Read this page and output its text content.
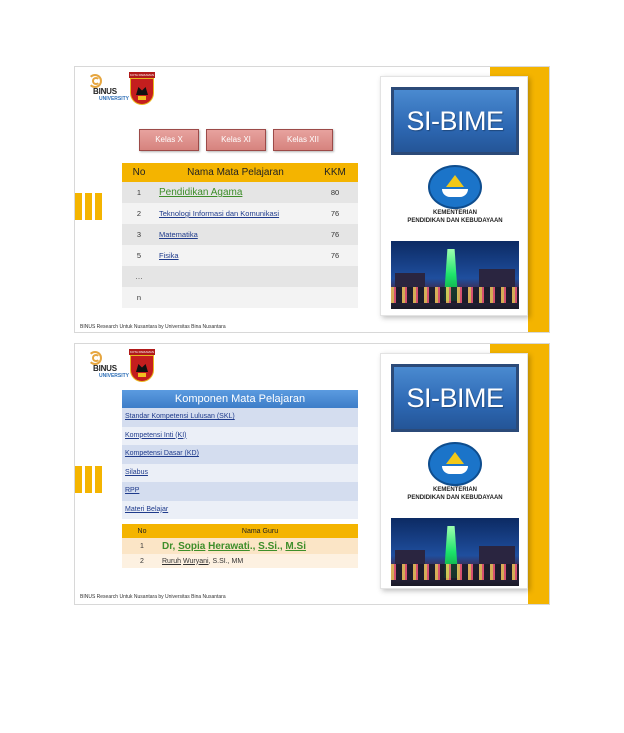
BINUS
UNIVERSITY
KOTA PARIAMAN
Kelas X	Kelas XI	Kelas XII
No	Nama Mata Pelajaran	KKM
1	Pendidikan Agama	80
2	Teknologi Informasi dan Komunikasi	76
3	Matematika	76
5	Fisika	76
…		
n		
BINUS Research Untuk Nusantara by Universitas Bina Nusantara
SI-BIME
KEMENTERIAN
PENDIDIKAN DAN KEBUDAYAAN
BINUS
UNIVERSITY
KOTA PARIAMAN
Komponen Mata Pelajaran
Standar Kompetensi Lulusan (SKL)
Kompetensi Inti (KI)
Kompetensi Dasar (KD)
Silabus
RPP
Materi Belajar
No	Nama Guru
1	Dr, Sopia Herawati., S.Si., M.Si
2	Ruruh Wuryani, S.SI., MM
BINUS Research Untuk Nusantara by Universitas Bina Nusantara
SI-BIME
KEMENTERIAN
PENDIDIKAN DAN KEBUDAYAAN
